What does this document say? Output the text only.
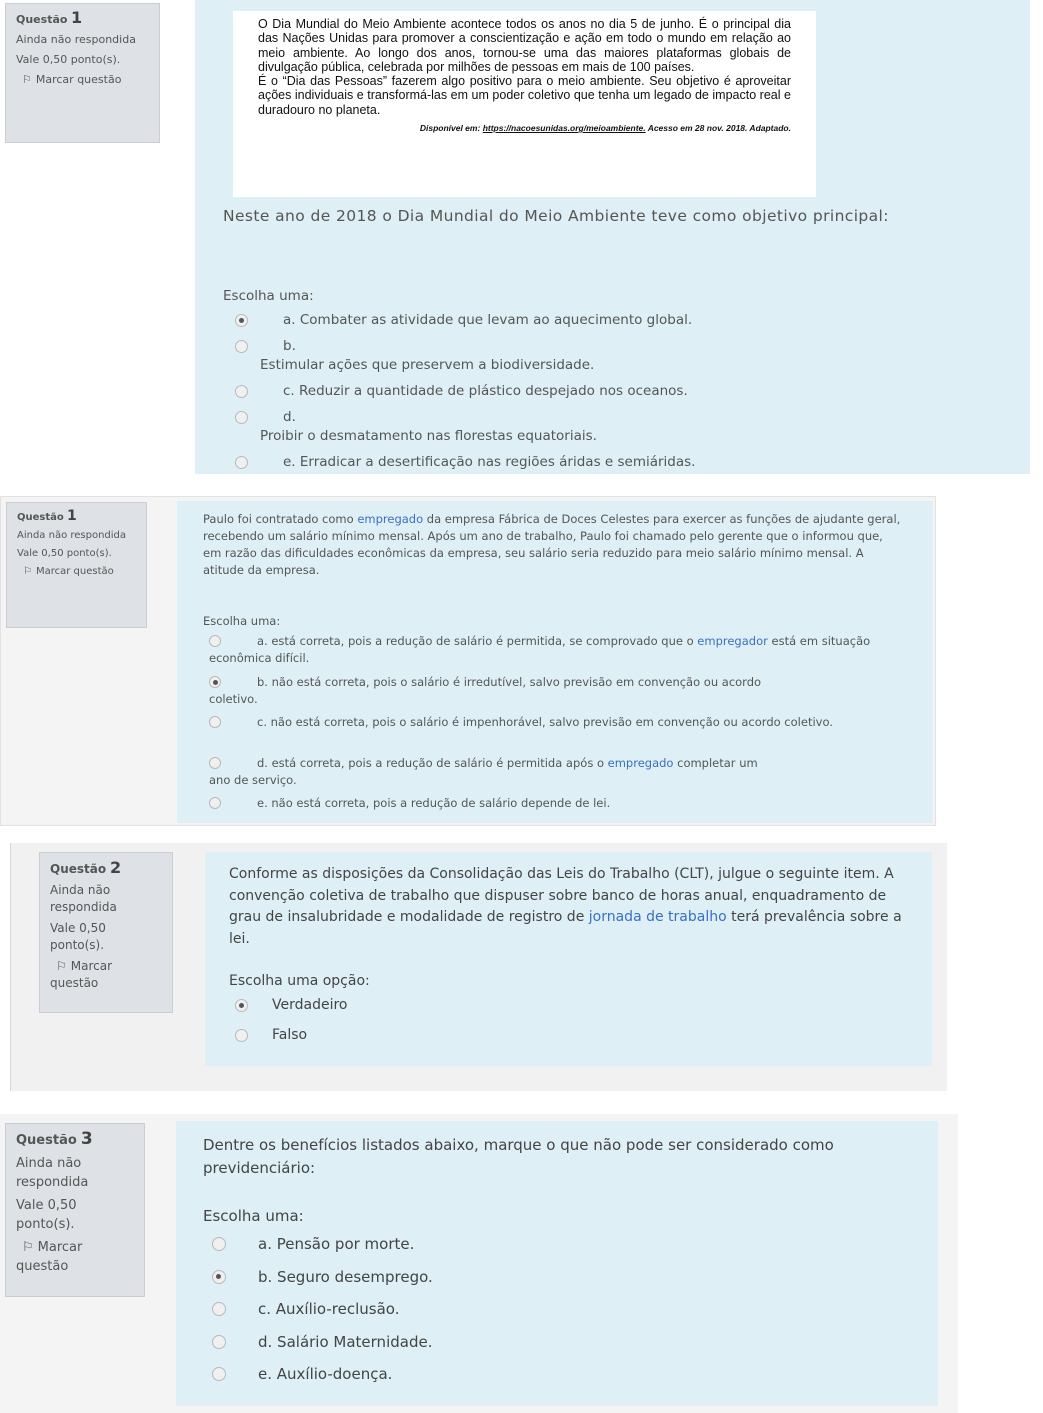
Questão 1
Ainda não respondida
Vale 0,50 ponto(s).
⚐ Marcar questão
O Dia Mundial do Meio Ambiente acontece todos os anos no dia 5 de junho. É o principal dia das Nações Unidas para promover a conscientização e ação em todo o mundo em relação ao meio ambiente. Ao longo dos anos, tornou-se uma das maiores plataformas globais de divulgação pública, celebrada por milhões de pessoas em mais de 100 países.
É o “Dia das Pessoas” fazerem algo positivo para o meio ambiente. Seu objetivo é aproveitar ações individuais e transformá-las em um poder coletivo que tenha um legado de impacto real e duradouro no planeta.
Disponível em: https://nacoesunidas.org/meioambiente. Acesso em 28 nov. 2018. Adaptado.
Neste ano de 2018 o Dia Mundial do Meio Ambiente teve como objetivo principal:
Escolha uma:
a. Combater as atividade que levam ao aquecimento global.
b.
Estimular ações que preservem a biodiversidade.
c. Reduzir a quantidade de plástico despejado nos oceanos.
d.
Proibir o desmatamento nas florestas equatoriais.
e. Erradicar a desertificação nas regiões áridas e semiáridas.
Questão 1
Ainda não respondida
Vale 0,50 ponto(s).
⚐ Marcar questão
Paulo foi contratado como empregado da empresa Fábrica de Doces Celestes para exercer as funções de ajudante geral, recebendo um salário mínimo mensal. Após um ano de trabalho, Paulo foi chamado pelo gerente que o informou que, em razão das dificuldades econômicas da empresa, seu salário seria reduzido para meio salário mínimo mensal. A atitude da empresa.
Escolha uma:
a. está correta, pois a redução de salário é permitida, se comprovado que o empregador está em situação econômica difícil.
b. não está correta, pois o salário é irredutível, salvo previsão em convenção ou acordo coletivo.
c. não está correta, pois o salário é impenhorável, salvo previsão em convenção ou acordo coletivo.
d. está correta, pois a redução de salário é permitida após o empregado completar um ano de serviço.
e. não está correta, pois a redução de salário depende de lei.
Questão 2
Ainda não respondida
Vale 0,50 ponto(s).
⚐ Marcar questão
Conforme as disposições da Consolidação das Leis do Trabalho (CLT), julgue o seguinte item. A convenção coletiva de trabalho que dispuser sobre banco de horas anual, enquadramento de grau de insalubridade e modalidade de registro de jornada de trabalho terá prevalência sobre a lei.
Escolha uma opção:
Verdadeiro
Falso
Questão 3
Ainda não respondida
Vale 0,50 ponto(s).
⚐ Marcar questão
Dentre os benefícios listados abaixo, marque o que não pode ser considerado como previdenciário:
Escolha uma:
a. Pensão por morte.
b. Seguro desemprego.
c. Auxílio-reclusão.
d. Salário Maternidade.
e. Auxílio-doença.
